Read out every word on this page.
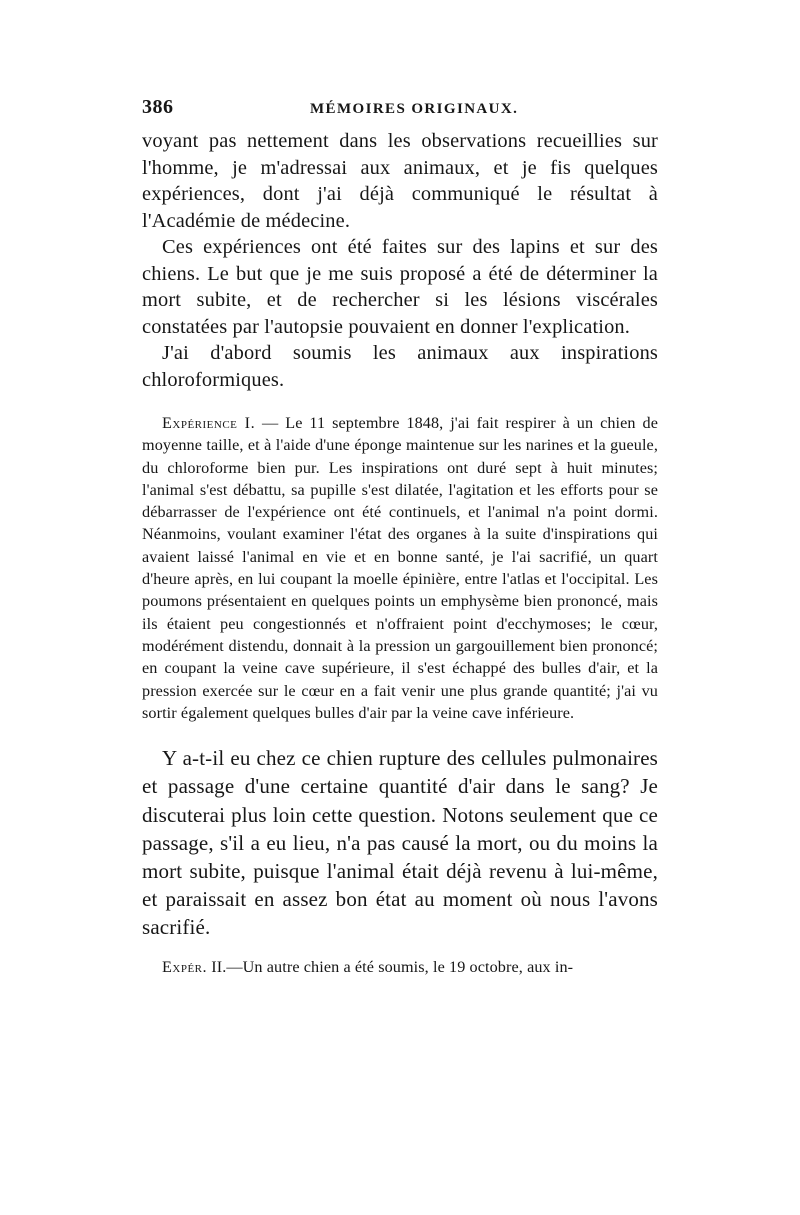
386	MÉMOIRES ORIGINAUX.

voyant pas nettement dans les observations recueillies sur l'homme, je m'adressai aux animaux, et je fis quelques expériences, dont j'ai déjà communiqué le résultat à l'Académie de médecine.

Ces expériences ont été faites sur des lapins et sur des chiens. Le but que je me suis proposé a été de déterminer la mort subite, et de rechercher si les lésions viscérales constatées par l'autopsie pouvaient en donner l'explication.

J'ai d'abord soumis les animaux aux inspirations chloroformiques.

Expérience I. — Le 11 septembre 1848, j'ai fait respirer à un chien de moyenne taille, et à l'aide d'une éponge maintenue sur les narines et la gueule, du chloroforme bien pur. Les inspirations ont duré sept à huit minutes; l'animal s'est débattu, sa pupille s'est dilatée, l'agitation et les efforts pour se débarrasser de l'expérience ont été continuels, et l'animal n'a point dormi. Néanmoins, voulant examiner l'état des organes à la suite d'inspirations qui avaient laissé l'animal en vie et en bonne santé, je l'ai sacrifié, un quart d'heure après, en lui coupant la moelle épinière, entre l'atlas et l'occipital. Les poumons présentaient en quelques points un emphysème bien prononcé, mais ils étaient peu congestionnés et n'offraient point d'ecchymoses; le cœur, modérément distendu, donnait à la pression un gargouillement bien prononcé; en coupant la veine cave supérieure, il s'est échappé des bulles d'air, et la pression exercée sur le cœur en a fait venir une plus grande quantité; j'ai vu sortir également quelques bulles d'air par la veine cave inférieure.

Y a-t-il eu chez ce chien rupture des cellules pulmonaires et passage d'une certaine quantité d'air dans le sang? Je discuterai plus loin cette question. Notons seulement que ce passage, s'il a eu lieu, n'a pas causé la mort, ou du moins la mort subite, puisque l'animal était déjà revenu à lui-même, et paraissait en assez bon état au moment où nous l'avons sacrifié.

Expér. II.—Un autre chien a été soumis, le 19 octobre, aux in-
